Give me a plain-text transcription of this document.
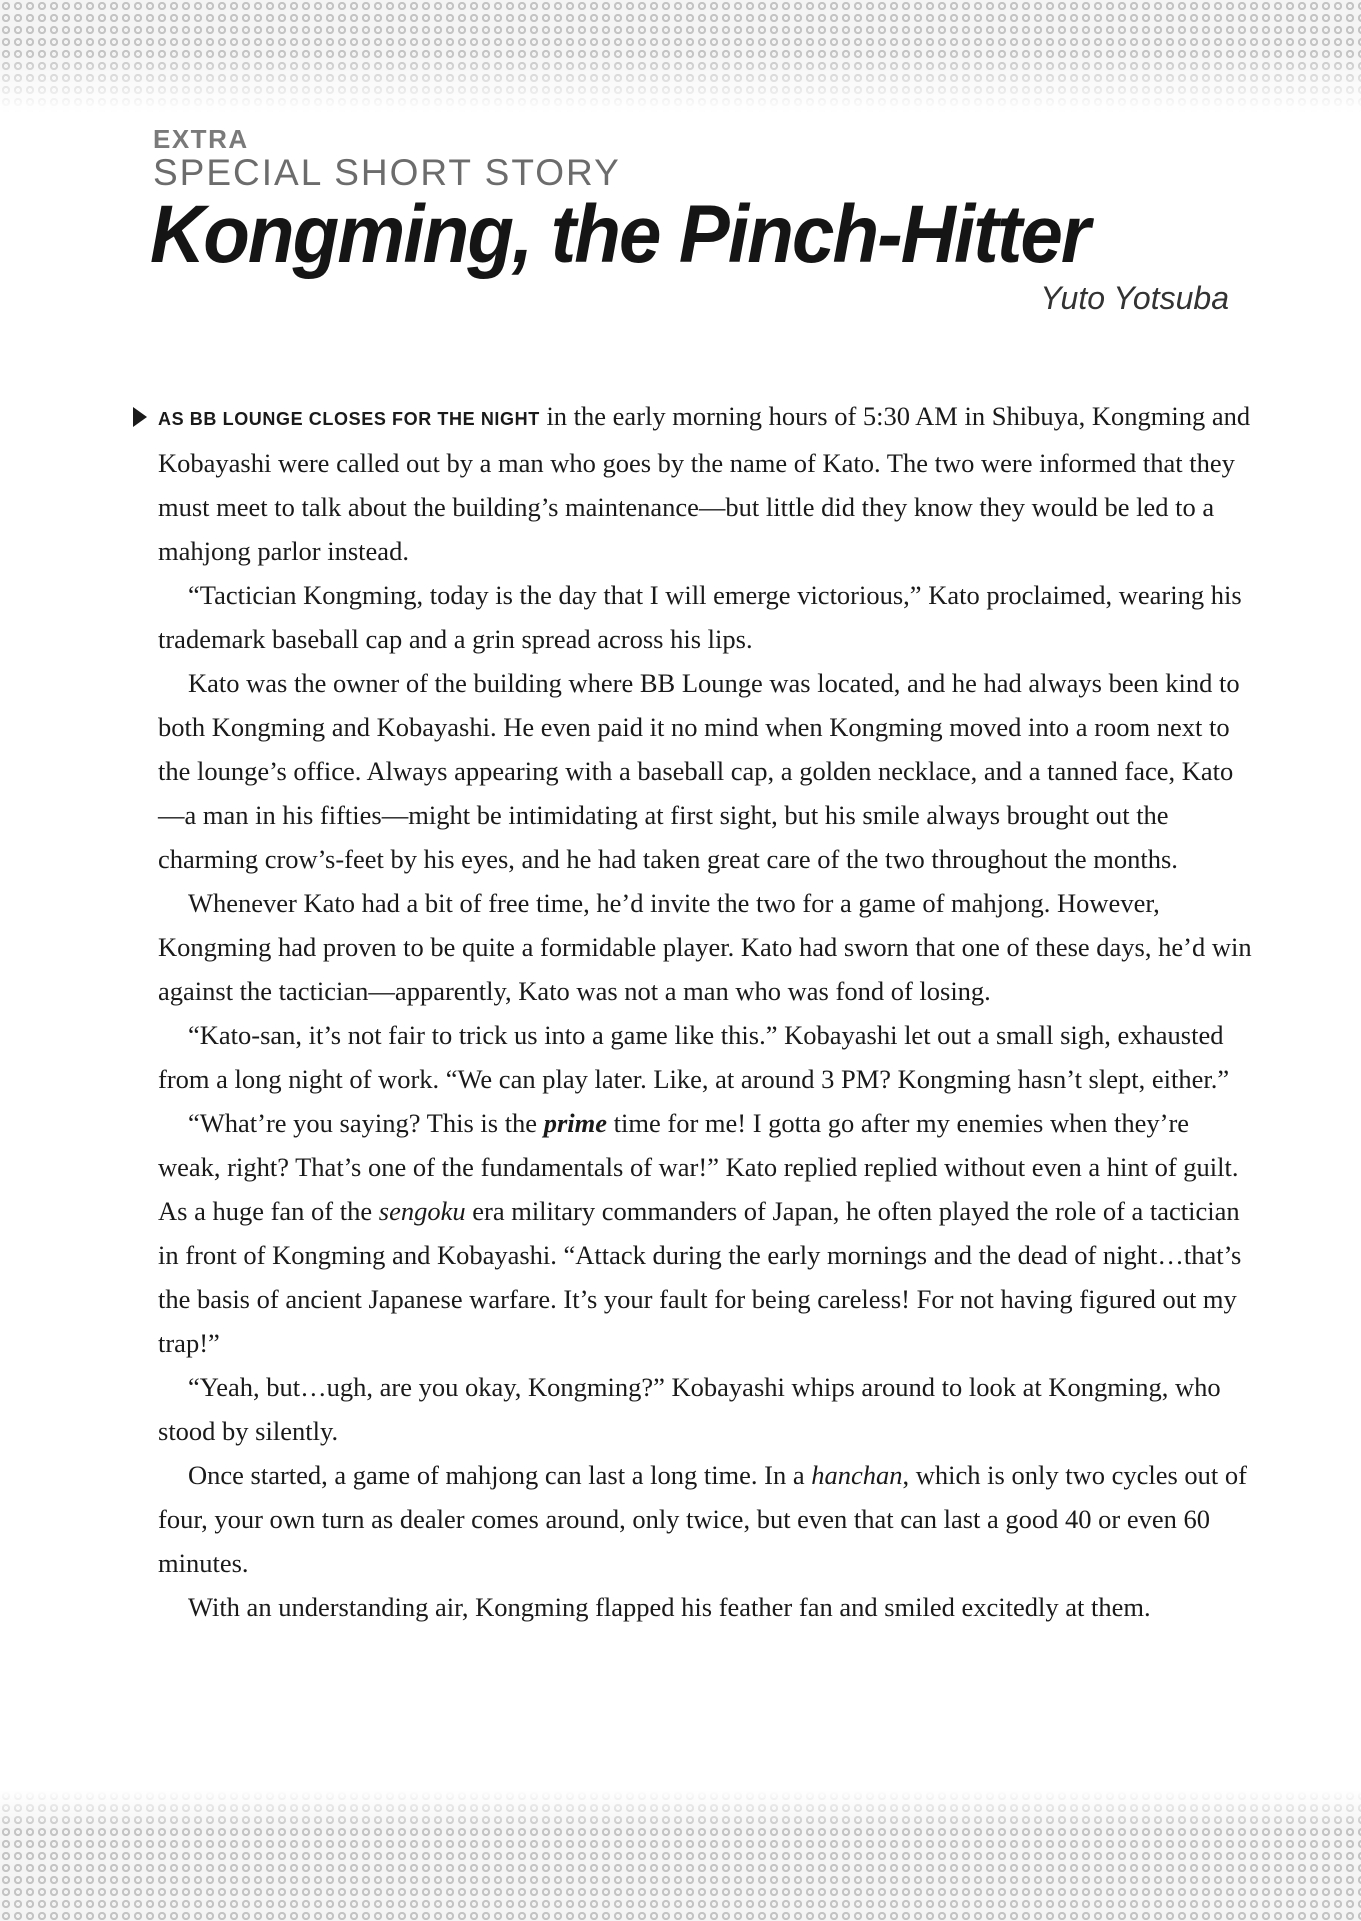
EXTRA
SPECIAL SHORT STORY
Kongming, the Pinch-Hitter
Yuto Yotsuba

AS BB LOUNGE CLOSES FOR THE NIGHT in the early morning hours of 5:30 AM in Shibuya, Kongming and Kobayashi were called out by a man who goes by the name of Kato. The two were informed that they must meet to talk about the building’s maintenance—but little did they know they would be led to a mahjong parlor instead.

“Tactician Kongming, today is the day that I will emerge victorious,” Kato proclaimed, wearing his trademark baseball cap and a grin spread across his lips.

Kato was the owner of the building where BB Lounge was located, and he had always been kind to both Kongming and Kobayashi. He even paid it no mind when Kongming moved into a room next to the lounge’s office. Always appearing with a baseball cap, a golden necklace, and a tanned face, Kato—a man in his fifties—might be intimidating at first sight, but his smile always brought out the charming crow’s-feet by his eyes, and he had taken great care of the two throughout the months.

Whenever Kato had a bit of free time, he’d invite the two for a game of mahjong. However, Kongming had proven to be quite a formidable player. Kato had sworn that one of these days, he’d win against the tactician—apparently, Kato was not a man who was fond of losing.

“Kato-san, it’s not fair to trick us into a game like this.” Kobayashi let out a small sigh, exhausted from a long night of work. “We can play later. Like, at around 3 PM? Kongming hasn’t slept, either.”

“What’re you saying? This is the prime time for me! I gotta go after my enemies when they’re weak, right? That’s one of the fundamentals of war!” Kato replied replied without even a hint of guilt. As a huge fan of the sengoku era military commanders of Japan, he often played the role of a tactician in front of Kongming and Kobayashi. “Attack during the early mornings and the dead of night…that’s the basis of ancient Japanese warfare. It’s your fault for being careless! For not having figured out my trap!”

“Yeah, but…ugh, are you okay, Kongming?” Kobayashi whips around to look at Kongming, who stood by silently.

Once started, a game of mahjong can last a long time. In a hanchan, which is only two cycles out of four, your own turn as dealer comes around, only twice, but even that can last a good 40 or even 60 minutes.

With an understanding air, Kongming flapped his feather fan and smiled excitedly at them.
